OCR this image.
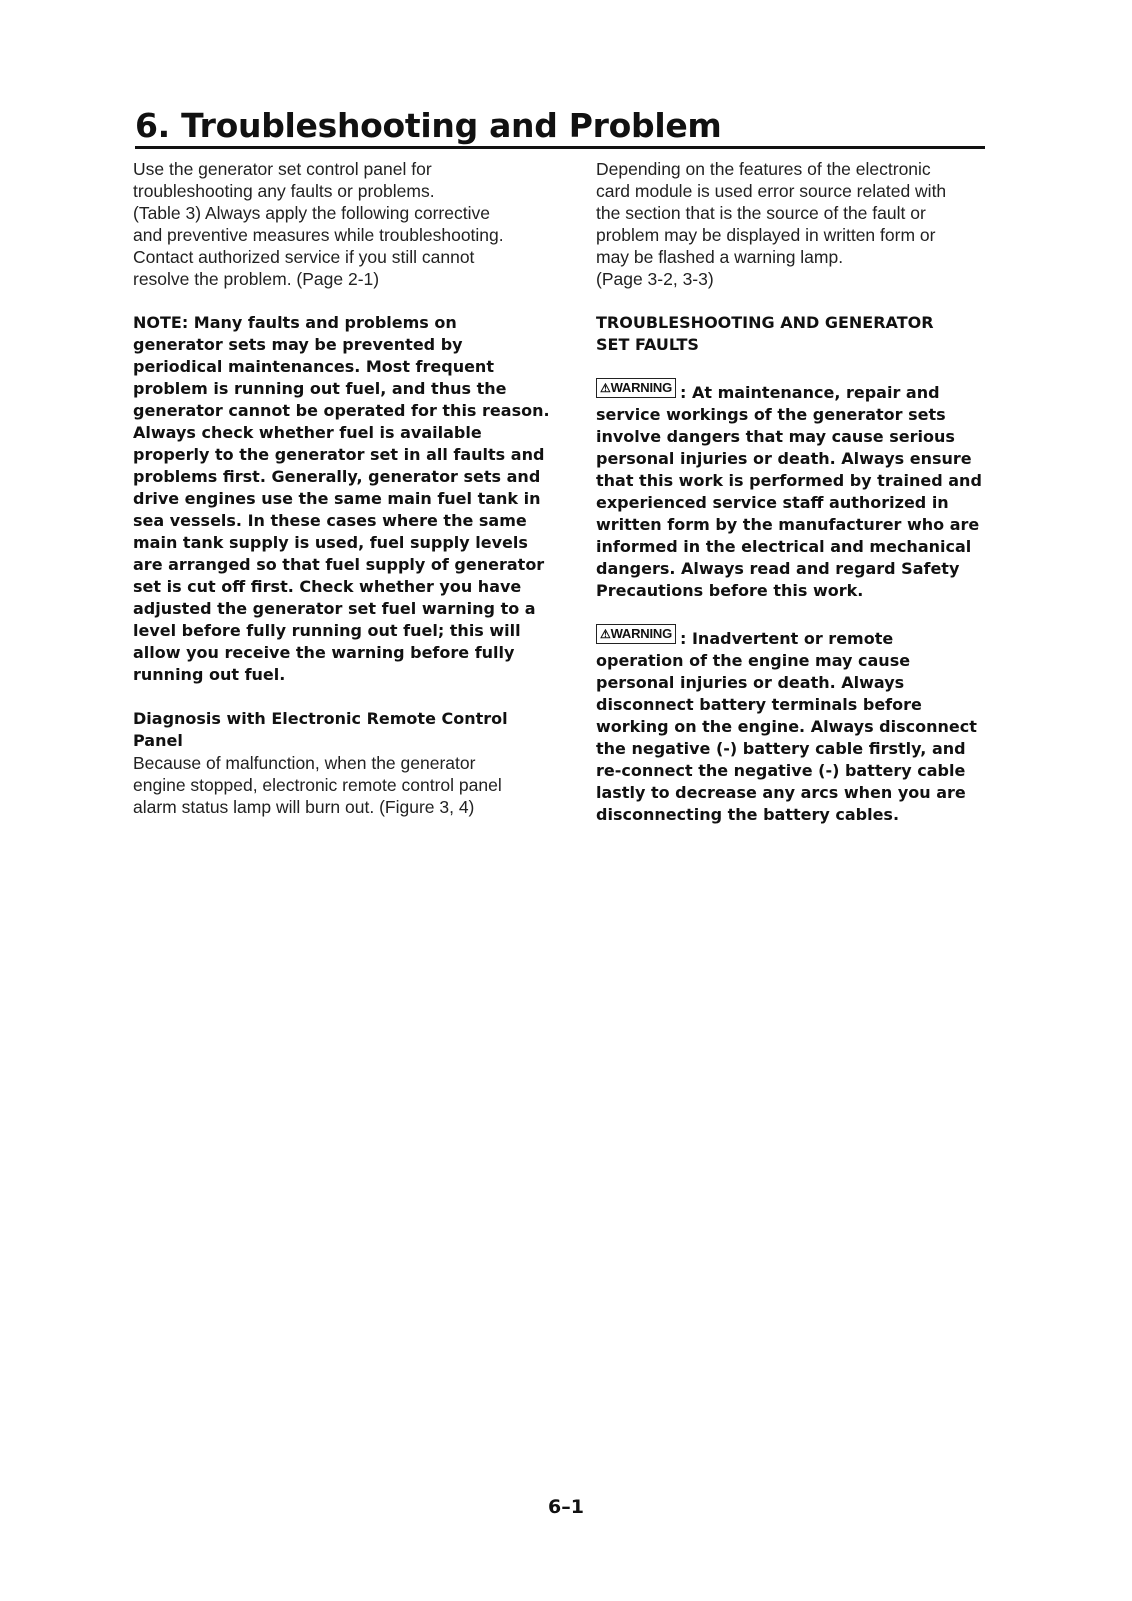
6. Troubleshooting and Problem

Use the generator set control panel for
troubleshooting any faults or problems.
(Table 3) Always apply the following corrective
and preventive measures while troubleshooting.
Contact authorized service if you still cannot
resolve the problem. (Page 2-1)

NOTE: Many faults and problems on
generator sets may be prevented by
periodical maintenances. Most frequent
problem is running out fuel, and thus the
generator cannot be operated for this reason.
Always check whether fuel is available
properly to the generator set in all faults and
problems first. Generally, generator sets and
drive engines use the same main fuel tank in
sea vessels. In these cases where the same
main tank supply is used, fuel supply levels
are arranged so that fuel supply of generator
set is cut off first. Check whether you have
adjusted the generator set fuel warning to a
level before fully running out fuel; this will
allow you receive the warning before fully
running out fuel.

Diagnosis with Electronic Remote Control
Panel

Because of malfunction, when the generator
engine stopped, electronic remote control panel
alarm status lamp will burn out. (Figure 3, 4)

Depending on the features of the electronic
card module is used error source related with
the section that is the source of the fault or
problem may be displayed in written form or
may be flashed a warning lamp.
(Page 3-2, 3-3)

TROUBLESHOOTING AND GENERATOR
SET FAULTS

⚠WARNING : At maintenance, repair and
service workings of the generator sets
involve dangers that may cause serious
personal injuries or death. Always ensure
that this work is performed by trained and
experienced service staff authorized in
written form by the manufacturer who are
informed in the electrical and mechanical
dangers. Always read and regard Safety
Precautions before this work.

⚠WARNING : Inadvertent or remote
operation of the engine may cause
personal injuries or death. Always
disconnect battery terminals before
working on the engine. Always disconnect
the negative (-) battery cable firstly, and
re-connect the negative (-) battery cable
lastly to decrease any arcs when you are
disconnecting the battery cables.

6–1
